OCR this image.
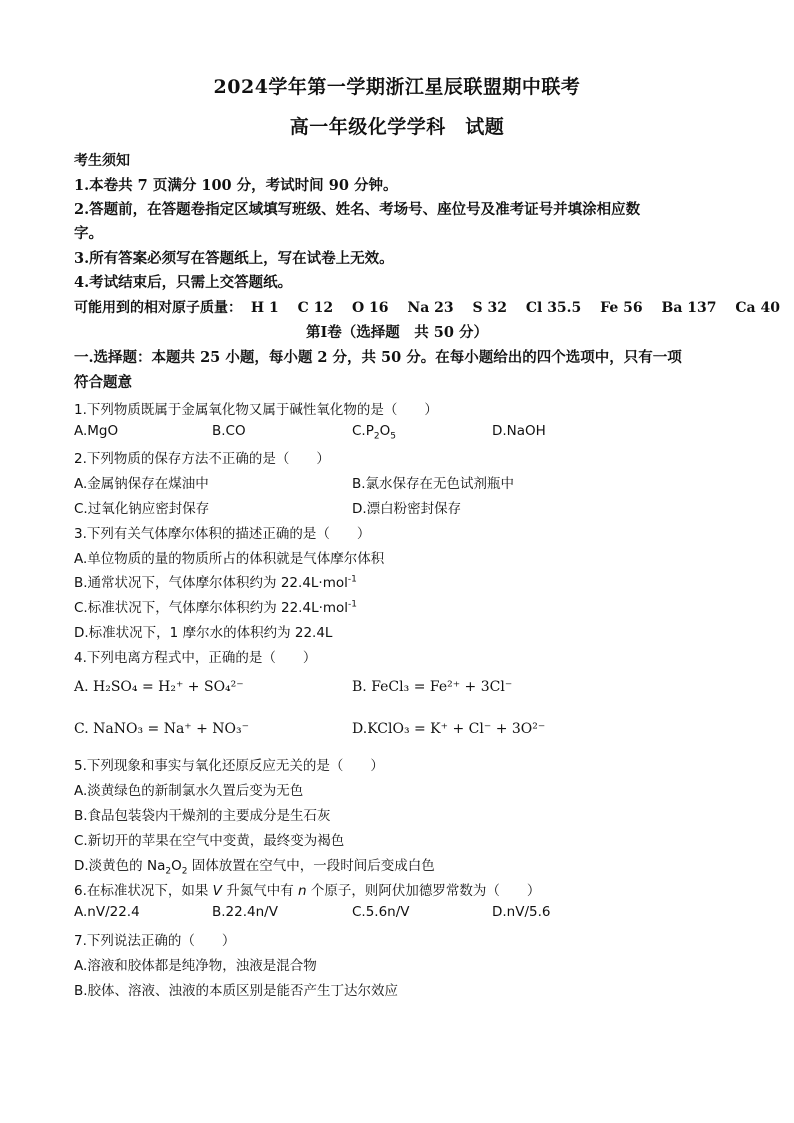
2024学年第一学期浙江星辰联盟期中联考
高一年级化学学科　试题
考生须知
1.本卷共 7 页满分 100 分，考试时间 90 分钟。
2.答题前，在答题卷指定区域填写班级、姓名、考场号、座位号及准考证号并填涂相应数
字。
3.所有答案必须写在答题纸上，写在试卷上无效。
4.考试结束后，只需上交答题纸。
可能用到的相对原子质量： H 1 C 12 O 16 Na 23 S 32 Cl 35.5 Fe 56 Ba 137 Ca 40
第Ⅰ卷（选择题　共 50 分）
一.选择题：本题共 25 小题，每小题 2 分，共 50 分。在每小题给出的四个选项中，只有一项
符合题意
1.下列物质既属于金属氧化物又属于碱性氧化物的是（　　）
A.MgO	B.CO	$C.P_2O_5$	D.NaOH
2.下列物质的保存方法不正确的是（　　）
A.金属钠保存在煤油中	B.氯水保存在无色试剂瓶中
C.过氧化钠应密封保存	D.漂白粉密封保存
3.下列有关气体摩尔体积的描述正确的是（　　）
A.单位物质的量的物质所占的体积就是气体摩尔体积
B.通常状况下，气体摩尔体积约为 22.4L·mol$^{-1}$
C.标准状况下，气体摩尔体积约为 22.4L·mol$^{-1}$
D.标准状况下，1 摩尔水的体积约为 22.4L
4.下列电离方程式中，正确的是（　　）
A. H₂SO₄ = H₂⁺ + SO₄²⁻	B. FeCl₃ = Fe²⁺ + 3Cl⁻
C. NaNO₃ = Na⁺ + NO₃⁻	D.KClO₃ = K⁺ + Cl⁻ + 3O²⁻
5.下列现象和事实与氧化还原反应无关的是（　　）
A.淡黄绿色的新制氯水久置后变为无色
B.食品包装袋内干燥剂的主要成分是生石灰
C.新切开的苹果在空气中变黄，最终变为褐色
D.淡黄色的 $Na_2O_2$ 固体放置在空气中，一段时间后变成白色
6.在标准状况下，如果 V 升氮气中有 n 个原子，则阿伏加德罗常数为（　　）
A.nV/22.4	B.22.4n/V	C.5.6n/V	D.nV/5.6
7.下列说法正确的（　　）
A.溶液和胶体都是纯净物，浊液是混合物
B.胶体、溶液、浊液的本质区别是能否产生丁达尔效应
